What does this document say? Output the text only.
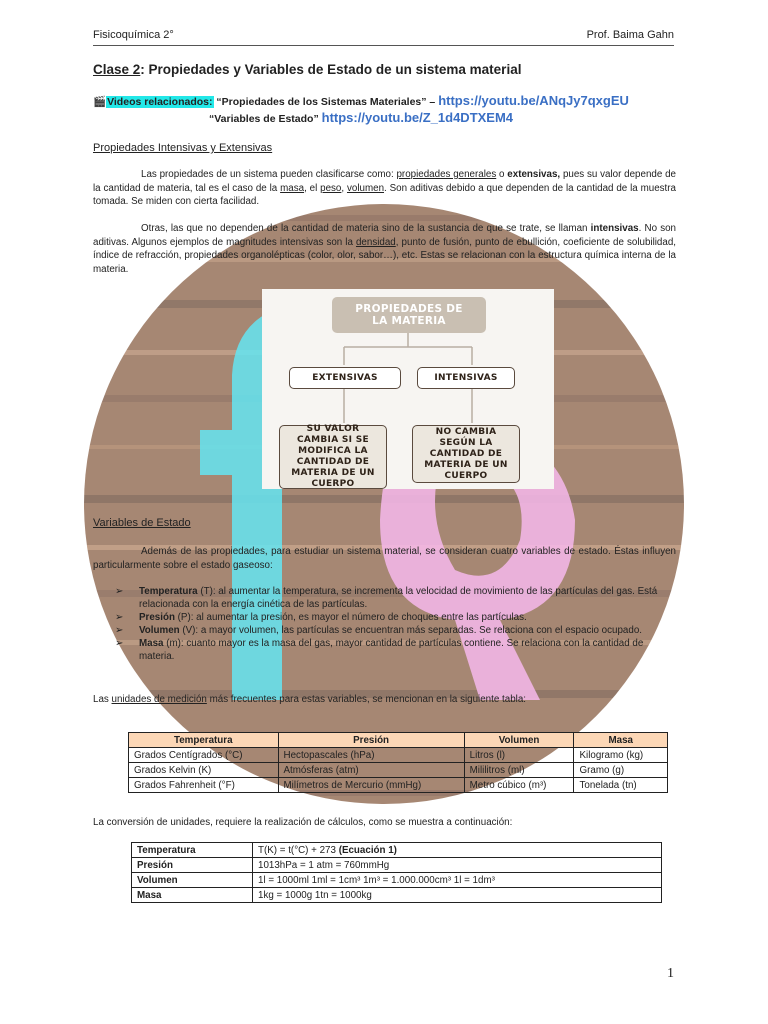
Fisicoquímica 2°	Prof. Baima Gahn
Clase 2: Propiedades y Variables de Estado de un sistema material
🎬Videos relacionados: “Propiedades de los Sistemas Materiales” – https://youtu.be/ANqJy7qxgEU
“Variables de Estado” https://youtu.be/Z_1d4DTXEM4
Propiedades Intensivas y Extensivas
Las propiedades de un sistema pueden clasificarse como: propiedades generales o extensivas, pues su valor depende de la cantidad de materia, tal es el caso de la masa, el peso, volumen. Son aditivas debido a que dependen de la cantidad de la muestra tomada. Se miden con cierta facilidad.
Otras, las que no dependen de la cantidad de materia sino de la sustancia de que se trate, se llaman intensivas. No son aditivas. Algunos ejemplos de magnitudes intensivas son la densidad, punto de fusión, punto de ebullición, coeficiente de solubilidad, índice de refracción, propiedades organolépticas (color, olor, sabor…), etc. Estas se relacionan con la estructura química interna de la materia.
PROPIEDADES DE
LA MATERIA
EXTENSIVAS	INTENSIVAS
SU VALOR
CAMBIA SI SE
MODIFICA LA
CANTIDAD DE
MATERIA DE UN
CUERPO
NO CAMBIA
SEGÚN LA
CANTIDAD DE
MATERIA DE UN
CUERPO
Variables de Estado
Además de las propiedades, para estudiar un sistema material, se consideran cuatro variables de estado. Éstas influyen particularmente sobre el estado gaseoso:

➢ Temperatura (T): al aumentar la temperatura, se incrementa la velocidad de movimiento de las partículas del gas. Está relacionada con la energía cinética de las partículas.

➢ Presión (P): al aumentar la presión, es mayor el número de choques entre las partículas.

➢ Volumen (V): a mayor volumen, las partículas se encuentran más separadas. Se relaciona con el espacio ocupado.

➢ Masa (m): cuanto mayor es la masa del gas, mayor cantidad de partículas contiene. Se relaciona con la cantidad de materia.

Las unidades de medición más frecuentes para estas variables, se mencionan en la siguiente tabla:
Temperatura	Presión	Volumen	Masa
Grados Centígrados (°C)	Hectopascales (hPa)	Litros (l)	Kilogramo (kg)
Grados Kelvin (K)	Atmósferas (atm)	Mililitros (ml)	Gramo (g)
Grados Fahrenheit (°F)	Milímetros de Mercurio (mmHg)	Metro cúbico (m³)	Tonelada (tn)
La conversión de unidades, requiere la realización de cálculos, como se muestra a continuación:
Temperatura	T(K) = t(°C) + 273 (Ecuación 1)
Presión	1013hPa = 1 atm = 760mmHg
Volumen	1l = 1000ml 1ml = 1cm³ 1m³ = 1.000.000cm³ 1l = 1dm³
Masa	1kg = 1000g 1tn = 1000kg
1
